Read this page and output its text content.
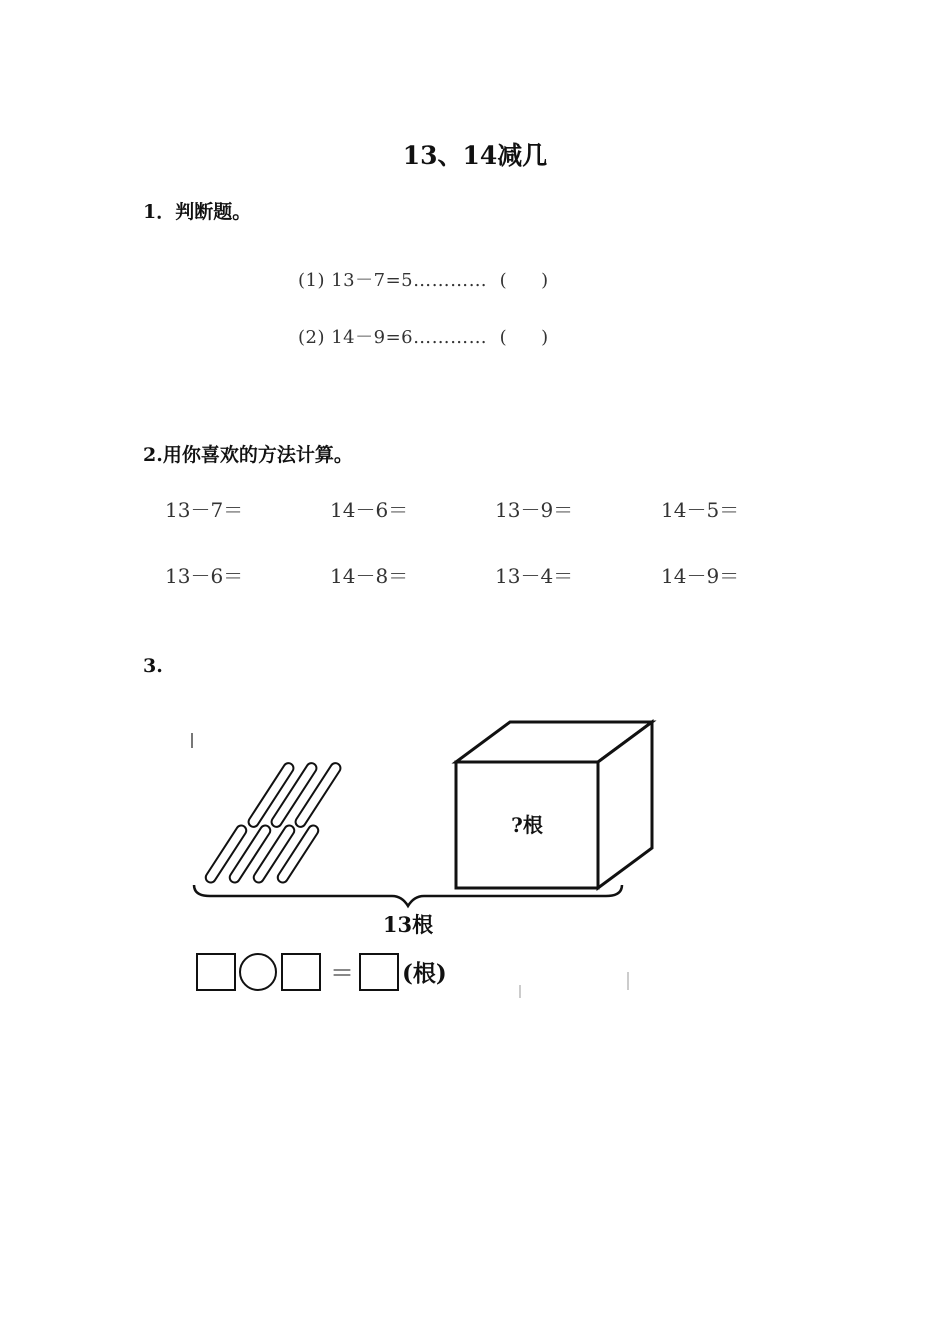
13、14减几
1．判断题。
(1) 13－7=5………… ( )
(2) 14－9=6………… ( )
2.用你喜欢的方法计算。
13－7＝	14－6＝	13－9＝	14－5＝
13－6＝	14－8＝	13－4＝	14－9＝
3.
?根
13根
＝ (根)
